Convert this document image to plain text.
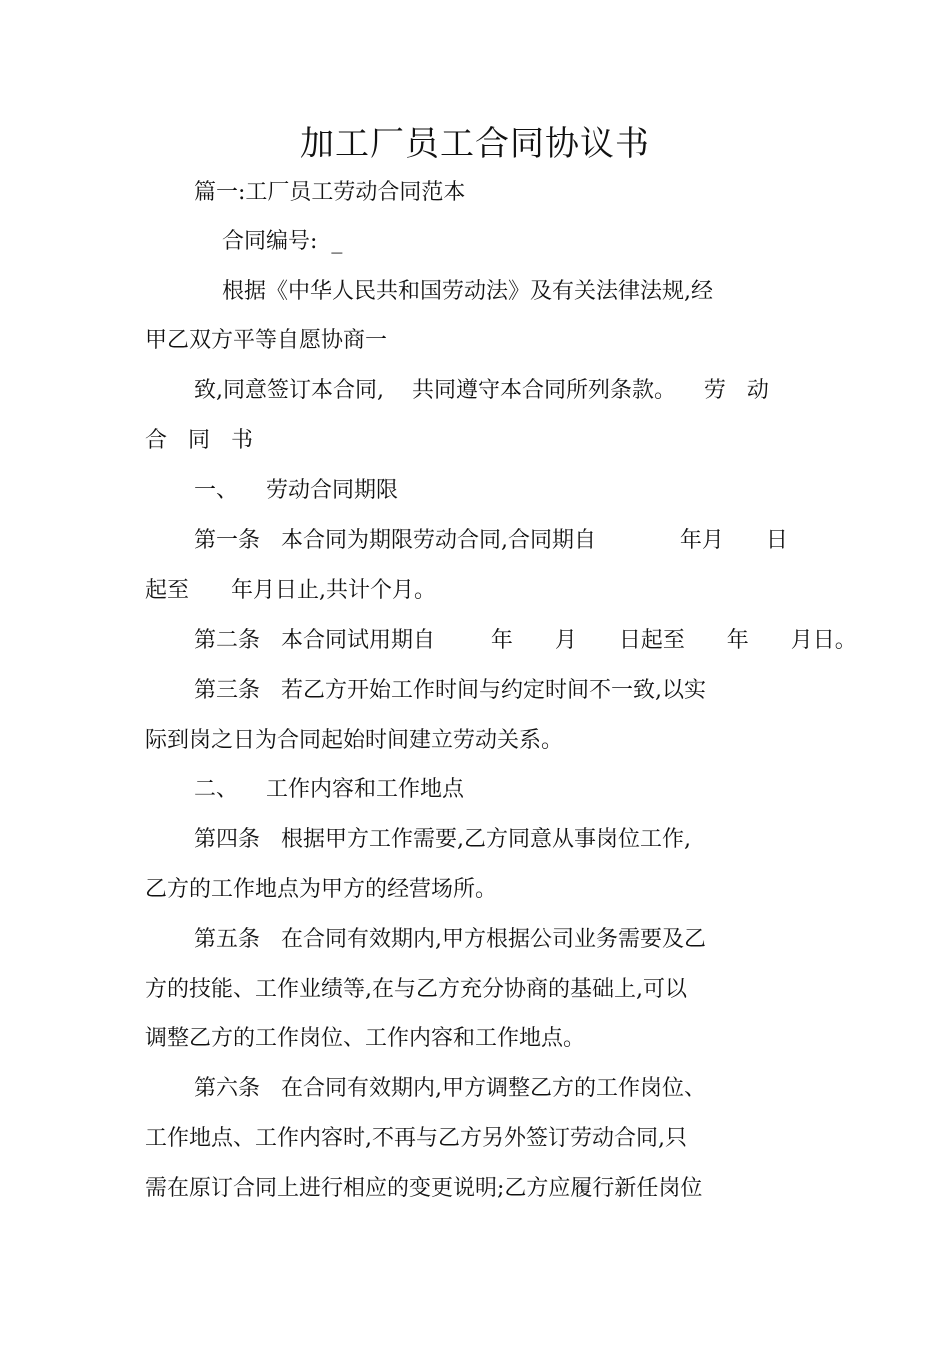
加工厂员工合同协议书

篇一:工厂员工劳动合同范本

合同编号:  _

根据《中华人民共和国劳动法》及有关法律法规,经

甲乙双方平等自愿协商一

致,同意签订本合同,    共同遵守本合同所列条款。    劳   动

合   同   书

一、    劳动合同期限

第一条   本合同为期限劳动合同,合同期自            年月      日

起至      年月日止,共计个月。

第二条   本合同试用期自        年      月      日起至      年      月日。

第三条   若乙方开始工作时间与约定时间不一致,以实

际到岗之日为合同起始时间建立劳动关系。

二、    工作内容和工作地点

第四条   根据甲方工作需要,乙方同意从事岗位工作,

乙方的工作地点为甲方的经营场所。

第五条   在合同有效期内,甲方根据公司业务需要及乙

方的技能、工作业绩等,在与乙方充分协商的基础上,可以

调整乙方的工作岗位、工作内容和工作地点。

第六条   在合同有效期内,甲方调整乙方的工作岗位、

工作地点、工作内容时,不再与乙方另外签订劳动合同,只

需在原订合同上进行相应的变更说明;乙方应履行新任岗位
